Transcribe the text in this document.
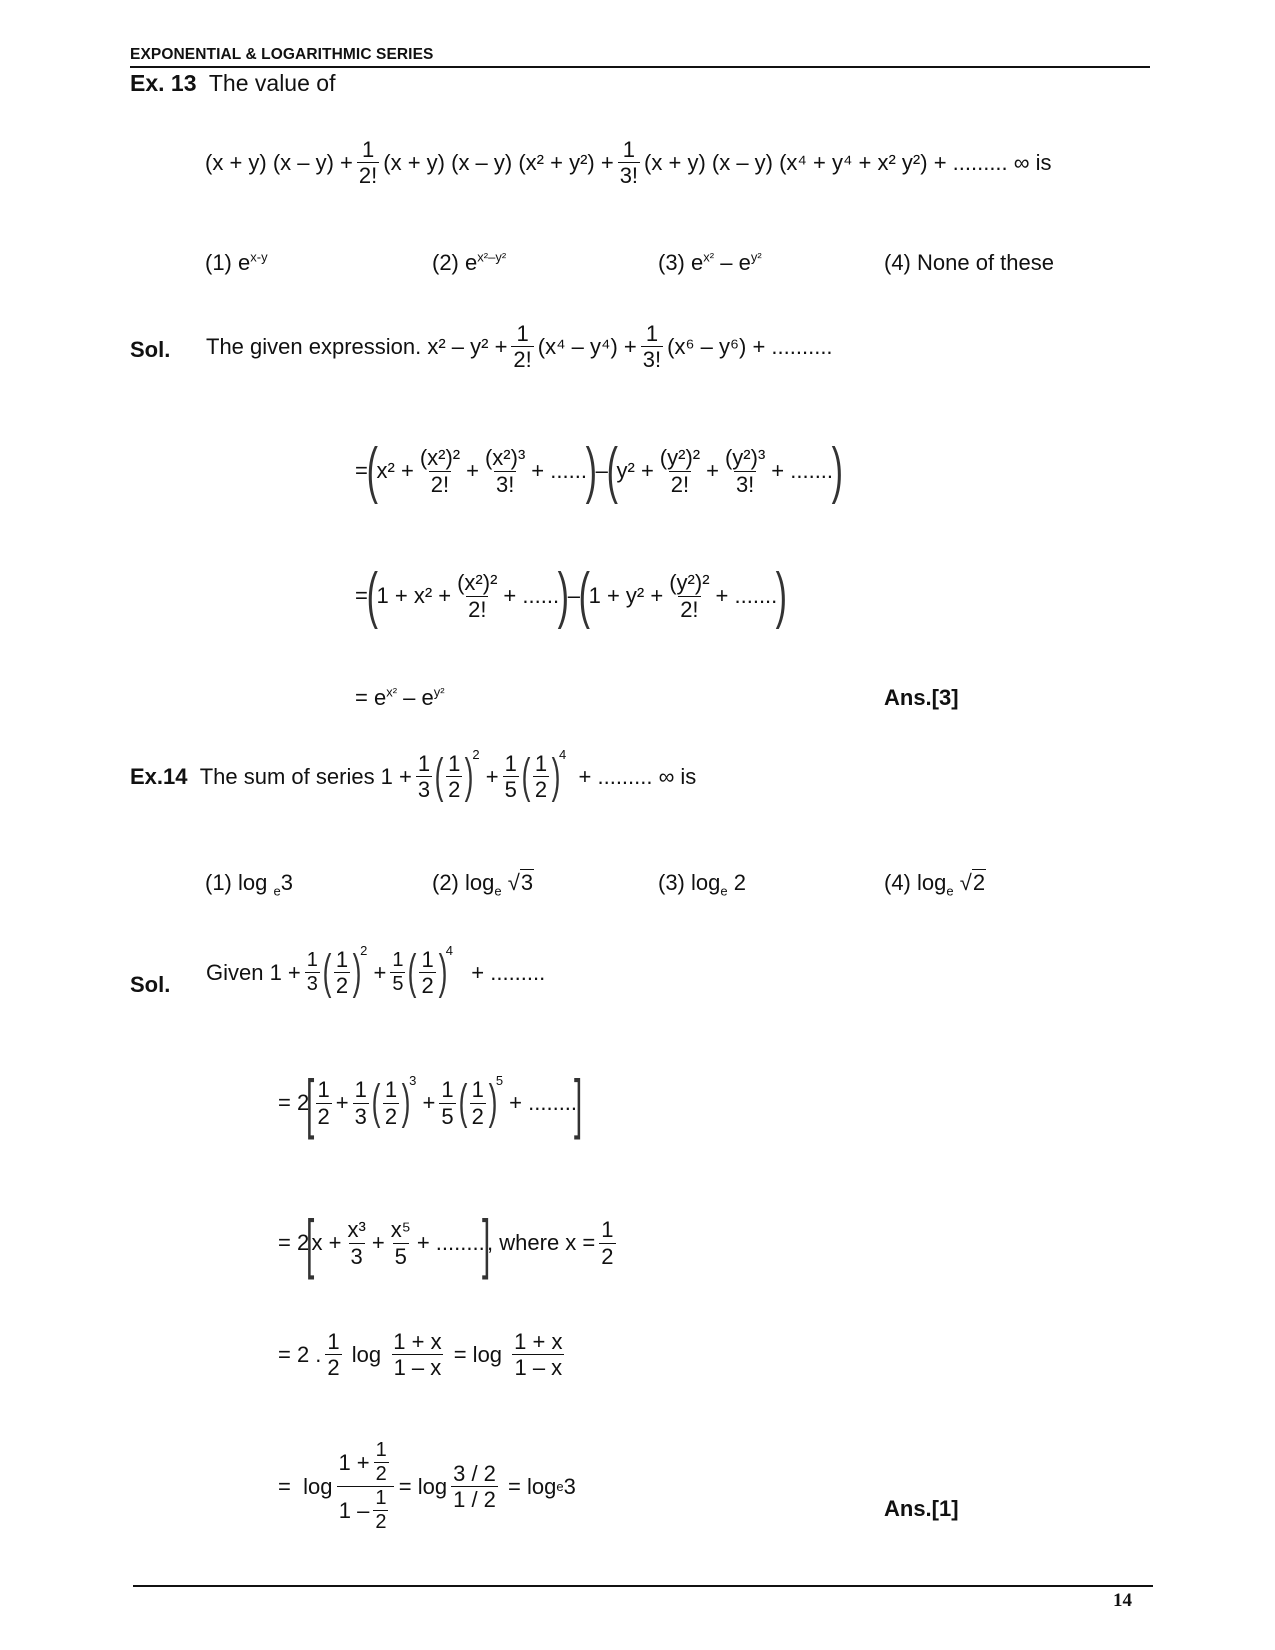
EXPONENTIAL & LOGARITHMIC SERIES
Ex. 13 The value of
(x + y) $(x - y) + \frac{1}{2!} (x + y)$ (x – y) $(x^2 + y^2) + \frac{1}{3!} (x + y)$ (x – y) (x⁴ + y⁴ + x² y²) + ......... ∞ is
(1) $e^{x-y}$	(2) $e^{x^2-y^2}$	(3) $e^{x^2} - e^{y^2}$	(4) None of these
Sol. The given expression. $x^2 - y^2 + \frac{1}{2!} (x^4 - y^4) + \frac{1}{3!} (x^6 - y^6)$ + ..........
=
(
$x^2 + \frac{\text{(x²)²}}{2!} + \frac{\text{(x²)³}}{3!}$ + ......
)
–
(
$y^2 + \frac{\text{(y²)²}}{2!} + \frac{\text{(y²)³}}{3!}$ + .......
)
=
(
$1 + x^2 + \frac{\text{(x²)²}}{2!}$ + ......
)
–
(
$1 + y^2 + \frac{\text{(y²)²}}{2!}$ + .......
)
= $e^{x^2} - e^{y^2}$	Ans.[3]
Ex.14
The sum of series $1 + \frac{1}{3}$ ( $\frac{1}{2}$ )
$^2$

+ $\frac{1}{5}$ ( $\frac{1}{2}$ )
$^4$

+ ......... ∞ is
(1) log $_e$3	(2) $\log_e √3$	(3) $\log_e 2$	(4) $\log_e √2$
Sol. Given $1 + \frac{1}{3}$ ( $\frac{1}{2}$ )
$^2$

+ $\frac{1}{5}$ ( $\frac{1}{2}$ )
$^4$

+ .........
= 2
[ $\frac{1}{2} + \frac{1}{3}$ ( $\frac{1}{2}$ )
$^3$

+ $\frac{1}{5}$ ( $\frac{1}{2}$ )
$^5$

+ ........
]
= 2
[
$x + \frac{\text{x³}}{3} + \frac{\text{x⁵}}{5}$ + ........
]
, where $x = \frac{1}{2}$
= 2 . $\frac{1}{2}$
log
$\frac{1 + x}{1 - x}$
= log
$\frac{1 + x}{1 - x}$
=
$\log \frac{1 + \frac{1}{2}}{1 - \frac{1}{2}} = \log \frac{3 / 2}{1 / 2}$
= log e 3
Ans.[1]
14
